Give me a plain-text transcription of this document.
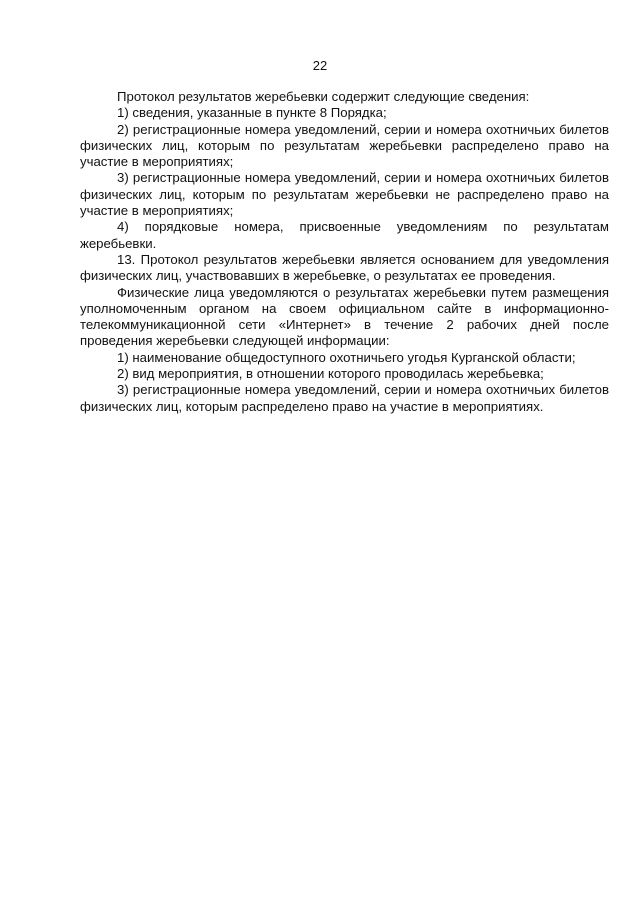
22

Протокол результатов жеребьевки содержит следующие сведения:

1) сведения, указанные в пункте 8 Порядка;

2) регистрационные номера уведомлений, серии и номера охотничьих билетов физических лиц, которым по результатам жеребьевки распределено право на участие в мероприятиях;

3) регистрационные номера уведомлений, серии и номера охотничьих билетов физических лиц, которым по результатам жеребьевки не распределено право на участие в мероприятиях;

4) порядковые номера, присвоенные уведомлениям по результатам жеребьевки.

13. Протокол результатов жеребьевки является основанием для уведомления физических лиц, участвовавших в жеребьевке, о результатах ее проведения.

Физические лица уведомляются о результатах жеребьевки путем размещения уполномоченным органом на своем официальном сайте в информационно-телекоммуникационной сети «Интернет» в течение 2 рабочих дней после проведения жеребьевки следующей информации:

1) наименование общедоступного охотничьего угодья Курганской области;

2) вид мероприятия, в отношении которого проводилась жеребьевка;

3) регистрационные номера уведомлений, серии и номера охотничьих билетов физических лиц, которым распределено право на участие в мероприятиях.
